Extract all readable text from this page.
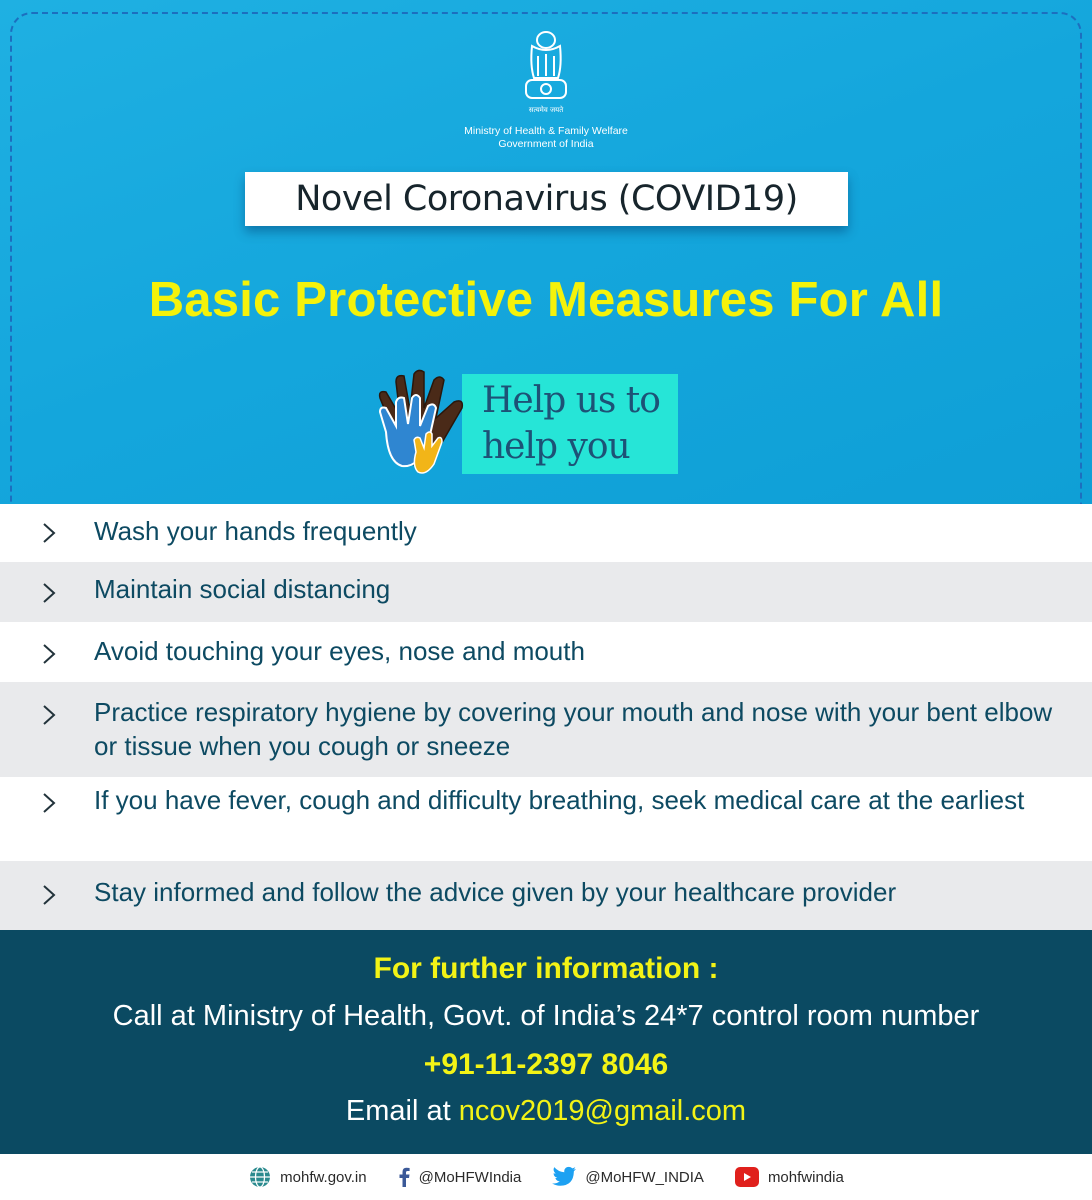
सत्यमेव जयते
Ministry of Health & Family Welfare
Government of India
Novel Coronavirus (COVID19)
Basic Protective Measures For All
Help us to
help you
Wash your hands frequently
Maintain social distancing
Avoid touching your eyes, nose and mouth
Practice respiratory hygiene by covering your mouth and nose with your bent elbow or tissue when you cough or sneeze
If you have fever, cough and difficulty breathing, seek medical care at the earliest
Stay informed and follow the advice given by your healthcare provider
For further information :
Call at Ministry of Health, Govt. of India’s 24*7 control room number
+91-11-2397 8046
Email at ncov2019@gmail.com
mohfw.gov.in	@MoHFWIndia	@MoHFW_INDIA	mohfwindia
